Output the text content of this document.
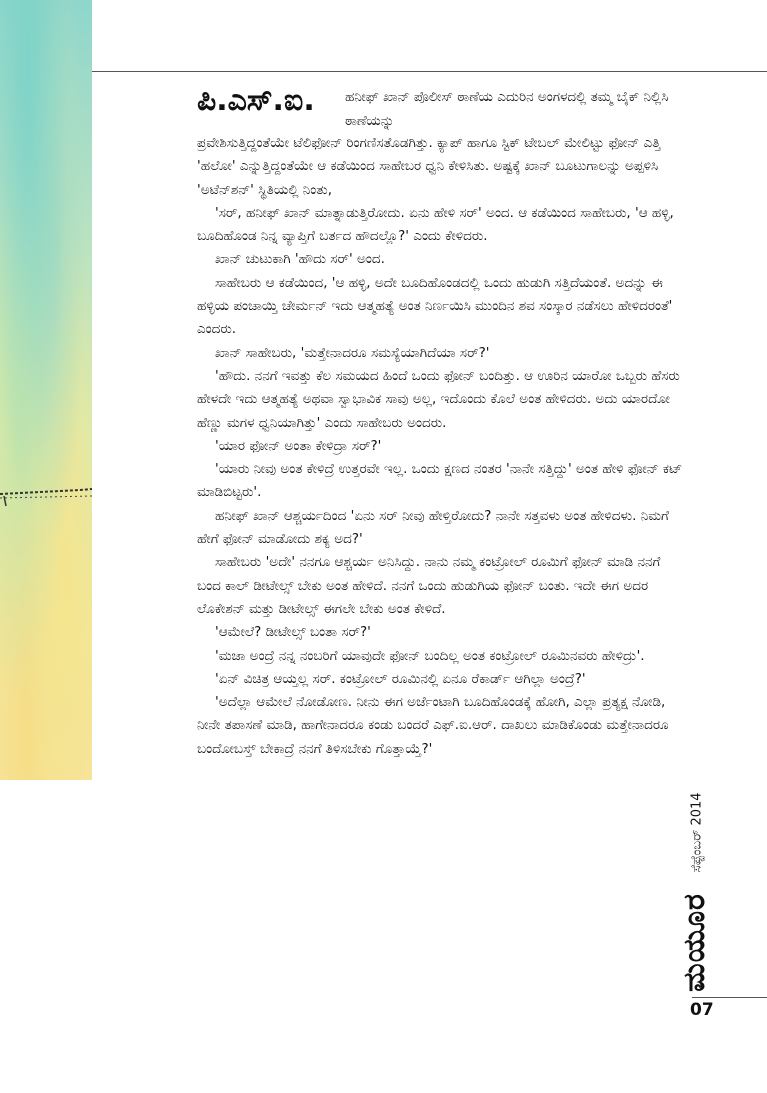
ಪಿ.ಎಸ್.ಐ. ಹನೀಫ್ ಖಾನ್ ಪೊಲೀಸ್ ಠಾಣೆಯ ಎದುರಿನ ಅಂಗಳದಲ್ಲಿ ತಮ್ಮ ಬೈಕ್ ನಿಲ್ಲಿಸಿ ಠಾಣೆಯನ್ನು

ಪ್ರವೇಶಿಸುತ್ತಿದ್ದಂತೆಯೇ ಟೆಲಿಫೋನ್ ರಿಂಗಣಿಸತೊಡಗಿತ್ತು. ಕ್ಯಾಪ್ ಹಾಗೂ ಸ್ಟಿಕ್ ಟೇಬಲ್ ಮೇಲಿಟ್ಟು ಫೋನ್ ಎತ್ತಿ 'ಹಲೋ' ಎನ್ನುತ್ತಿದ್ದಂತೆಯೇ ಆ ಕಡೆಯಿಂದ ಸಾಹೇಬರ ಧ್ವನಿ ಕೇಳಿಸಿತು. ಅಷ್ಟಕ್ಕೆ ಖಾನ್ ಬೂಟುಗಾಲನ್ನು ಅಪ್ಪಳಿಸಿ 'ಅಟೆನ್‌ಶನ್' ಸ್ಥಿತಿಯಲ್ಲಿ ನಿಂತು,

'ಸರ್, ಹನೀಫ್ ಖಾನ್ ಮಾತ್ನಾಡುತ್ತಿರೋದು. ಏನು ಹೇಳಿ ಸರ್' ಅಂದ. ಆ ಕಡೆಯಿಂದ ಸಾಹೇಬರು, 'ಆ ಹಳ್ಳಿ, ಬೂದಿಹೊಂಡ ನಿನ್ನ ವ್ಯಾಪ್ತಿಗೆ ಬರ್ತದ ಹೌದಲ್ಲೊ?' ಎಂದು ಕೇಳಿದರು.

ಖಾನ್ ಚುಟುಕಾಗಿ 'ಹೌದು ಸರ್' ಅಂದ.

ಸಾಹೇಬರು ಆ ಕಡೆಯಿಂದ, 'ಆ ಹಳ್ಳಿ, ಅದೇ ಬೂದಿಹೊಂಡದಲ್ಲಿ ಒಂದು ಹುಡುಗಿ ಸತ್ತಿದೆಯಂತೆ. ಅದನ್ನು ಈ ಹಳ್ಳಿಯ ಪಂಚಾಯ್ತಿ ಚೇರ್ಮನ್ ಇದು ಆತ್ಮಹತ್ಯೆ ಅಂತ ನಿರ್ಣಯಿಸಿ ಮುಂದಿನ ಶವ ಸಂಸ್ಕಾರ ನಡೆಸಲು ಹೇಳಿದರಂತೆ' ಎಂದರು.

ಖಾನ್ ಸಾಹೇಬರು, 'ಮತ್ತೇನಾದರೂ ಸಮಸ್ಯೆಯಾಗಿದೆಯಾ ಸರ್?'

'ಹೌದು. ನನಗೆ ಇವತ್ತು ಕೆಲ ಸಮಯದ ಹಿಂದೆ ಒಂದು ಫೋನ್ ಬಂದಿತ್ತು. ಆ ಊರಿನ ಯಾರೋ ಒಬ್ಬರು ಹೆಸರು ಹೇಳದೇ ಇದು ಆತ್ಮಹತ್ಯೆ ಅಥವಾ ಸ್ವಾಭಾವಿಕ ಸಾವು ಅಲ್ಲ, ಇದೊಂದು ಕೊಲೆ ಅಂತ ಹೇಳಿದರು. ಅದು ಯಾರದೋ ಹೆಣ್ಣು ಮಗಳ ಧ್ವನಿಯಾಗಿತ್ತು' ಎಂದು ಸಾಹೇಬರು ಅಂದರು.

'ಯಾರ ಫೋನ್ ಅಂತಾ ಕೇಳಿದ್ರಾ ಸರ್?'

'ಯಾರು ನೀವು ಅಂತ ಕೇಳಿದ್ರೆ ಉತ್ತರವೇ ಇಲ್ಲ. ಒಂದು ಕ್ಷಣದ ನಂತರ 'ನಾನೇ ಸತ್ತಿದ್ದು' ಅಂತ ಹೇಳಿ ಫೋನ್ ಕಟ್ ಮಾಡಿಬಿಟ್ಟರು'.

ಹನೀಫ್ ಖಾನ್ ಆಶ್ಚರ್ಯದಿಂದ 'ಏನು ಸರ್ ನೀವು ಹೇಳ್ತಿರೋದು? ನಾನೇ ಸತ್ತವಳು ಅಂತ ಹೇಳಿದಳು. ನಿಮಗೆ ಹೇಗೆ ಫೋನ್ ಮಾಡೋದು ಶಕ್ಯ ಅದ?'

ಸಾಹೇಬರು 'ಅದೇ' ನನಗೂ ಆಶ್ಚರ್ಯ ಅನಿಸಿದ್ದು. ನಾನು ನಮ್ಮ ಕಂಟ್ರೋಲ್ ರೂಮಿಗೆ ಫೋನ್ ಮಾಡಿ ನನಗೆ ಬಂದ ಕಾಲ್ ಡೀಟೇಲ್ಸ್ ಬೇಕು ಅಂತ ಹೇಳಿದೆ. ನನಗೆ ಒಂದು ಹುಡುಗಿಯ ಫೋನ್ ಬಂತು. ಇದೇ ಈಗ ಅದರ ಲೊಕೇಶನ್ ಮತ್ತು ಡೀಟೇಲ್ಸ್ ಈಗಲೇ ಬೇಕು ಅಂತ ಕೇಳಿದೆ.

'ಆಮೇಲೆ? ಡೀಟೇಲ್ಸ್ ಬಂತಾ ಸರ್?'

'ಮಜಾ ಅಂದ್ರೆ ನನ್ನ ನಂಬರಿಗೆ ಯಾವುದೇ ಫೋನ್ ಬಂದಿಲ್ಲ ಅಂತ ಕಂಟ್ರೋಲ್ ರೂಮಿನವರು ಹೇಳಿದ್ರು'.

'ಏನ್ ವಿಚಿತ್ರ ಆಯ್ತಲ್ಲ ಸರ್. ಕಂಟ್ರೋಲ್ ರೂಮಿನಲ್ಲಿ ಏನೂ ರೆಕಾರ್ಡ್ ಆಗಿಲ್ಲಾ ಅಂದ್ರೆ?'

'ಅದೆಲ್ಲಾ ಆಮೇಲೆ ನೋಡೋಣ. ನೀನು ಈಗ ಅರ್ಜೆಂಟಾಗಿ ಬೂದಿಹೊಂಡಕ್ಕೆ ಹೋಗಿ, ಎಲ್ಲಾ ಪ್ರತ್ಯಕ್ಷ ನೋಡಿ, ನೀನೇ ತಪಾಸಣೆ ಮಾಡಿ, ಹಾಗೇನಾದರೂ ಕಂಡು ಬಂದರೆ ಎಫ್.ಐ.ಆರ್. ದಾಖಲು ಮಾಡಿಕೊಂಡು ಮತ್ತೇನಾದರೂ ಬಂದೋಬಸ್ತ್ ಬೇಕಾದ್ರೆ ನನಗೆ ತಿಳಿಸಬೇಕು ಗೊತ್ತಾಯ್ತೆ?'

ಸೆಪ್ಟೆಂಬರ್ 2014
ಮಯೂರ
07
